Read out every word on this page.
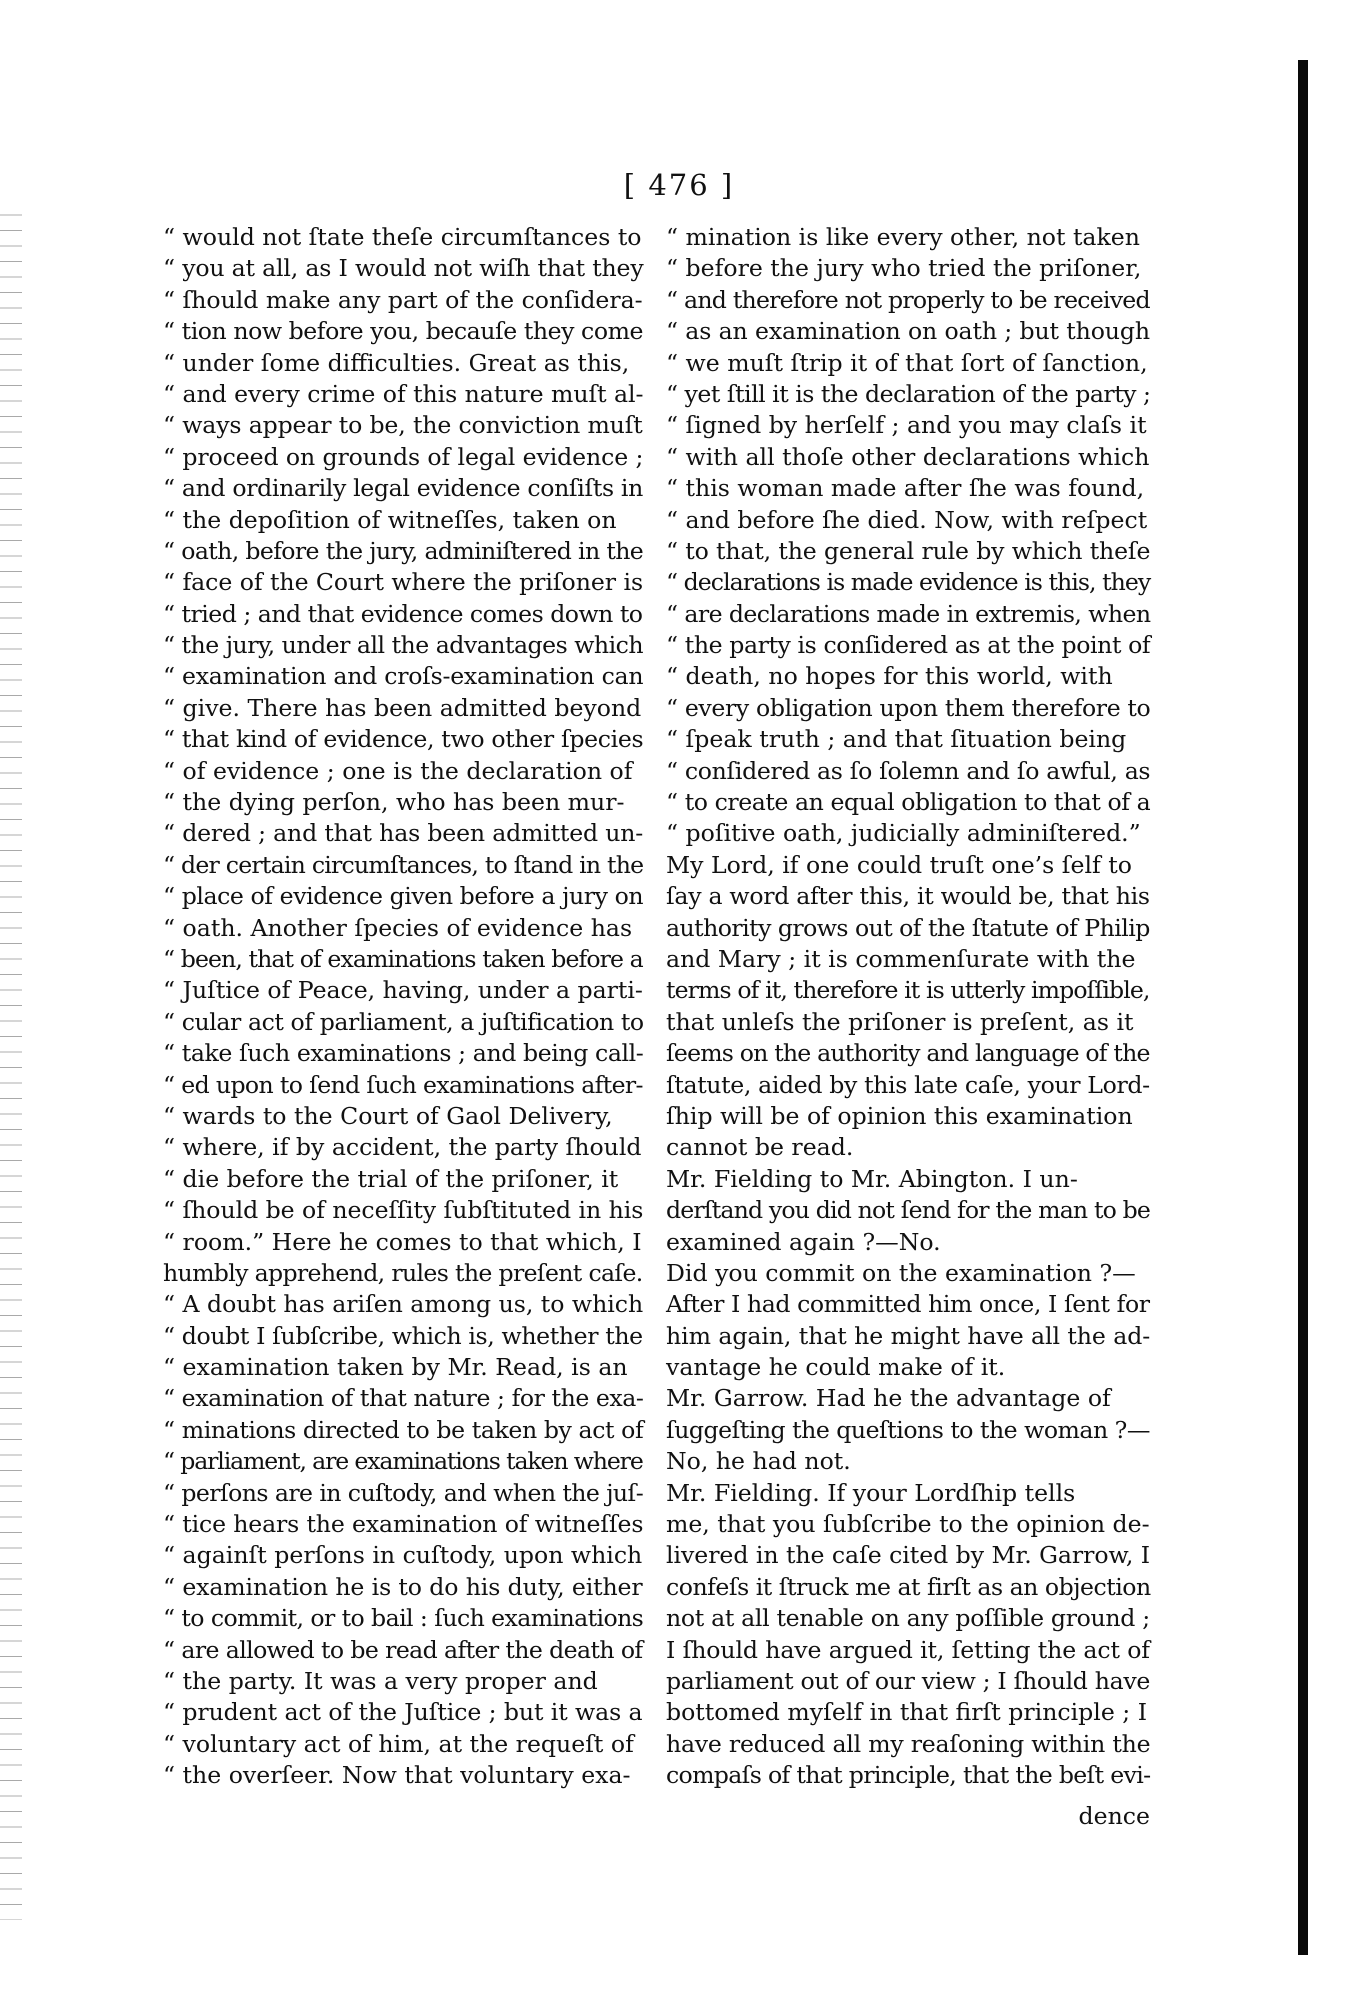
[ 476 ]
“ would not ſtate theſe circumſtances to
“ you at all, as I would not wiſh that they
“ ſhould make any part of the conſidera-
“ tion now before you, becauſe they come
“ under ſome difficulties. Great as this,
“ and every crime of this nature muſt al-
“ ways appear to be, the conviction muſt
“ proceed on grounds of legal evidence ;
“ and ordinarily legal evidence conſiſts in
“ the depoſition of witneſſes, taken on
“ oath, before the jury, adminiſtered in the
“ face of the Court where the priſoner is
“ tried ; and that evidence comes down to
“ the jury, under all the advantages which
“ examination and croſs-examination can
“ give. There has been admitted beyond
“ that kind of evidence, two other ſpecies
“ of evidence ; one is the declaration of
“ the dying perſon, who has been mur-
“ dered ; and that has been admitted un-
“ der certain circumſtances, to ſtand in the
“ place of evidence given before a jury on
“ oath. Another ſpecies of evidence has
“ been, that of examinations taken before a
“ Juſtice of Peace, having, under a parti-
“ cular act of parliament, a juſtification to
“ take ſuch examinations ; and being call-
“ ed upon to ſend ſuch examinations after-
“ wards to the Court of Gaol Delivery,
“ where, if by accident, the party ſhould
“ die before the trial of the priſoner, it
“ ſhould be of neceſſity ſubſtituted in his
“ room.” Here he comes to that which, I
humbly apprehend, rules the preſent caſe.
“ A doubt has ariſen among us, to which
“ doubt I ſubſcribe, which is, whether the
“ examination taken by Mr. Read, is an
“ examination of that nature ; for the exa-
“ minations directed to be taken by act of
“ parliament, are examinations taken where
“ perſons are in cuſtody, and when the juſ-
“ tice hears the examination of witneſſes
“ againſt perſons in cuſtody, upon which
“ examination he is to do his duty, either
“ to commit, or to bail : ſuch examinations
“ are allowed to be read after the death of
“ the party. It was a very proper and
“ prudent act of the Juſtice ; but it was a
“ voluntary act of him, at the requeſt of
“ the overſeer. Now that voluntary exa-
“ mination is like every other, not taken
“ before the jury who tried the priſoner,
“ and therefore not properly to be received
“ as an examination on oath ; but though
“ we muſt ſtrip it of that ſort of ſanction,
“ yet ſtill it is the declaration of the party ;
“ ſigned by herſelf ; and you may claſs it
“ with all thoſe other declarations which
“ this woman made after ſhe was found,
“ and before ſhe died. Now, with reſpect
“ to that, the general rule by which theſe
“ declarations is made evidence is this, they
“ are declarations made in extremis, when
“ the party is conſidered as at the point of
“ death, no hopes for this world, with
“ every obligation upon them therefore to
“ ſpeak truth ; and that ſituation being
“ conſidered as ſo ſolemn and ſo awful, as
“ to create an equal obligation to that of a
“ poſitive oath, judicially adminiſtered.”
My Lord, if one could truſt one’s ſelf to
ſay a word after this, it would be, that his
authority grows out of the ſtatute of Philip
and Mary ; it is commenſurate with the
terms of it, therefore it is utterly impoſſible,
that unleſs the priſoner is preſent, as it
ſeems on the authority and language of the
ſtatute, aided by this late caſe, your Lord-
ſhip will be of opinion this examination
cannot be read.
Mr. Fielding to Mr. Abington. I un-
derſtand you did not ſend for the man to be
examined again ?—No.
Did you commit on the examination ?—
After I had committed him once, I ſent for
him again, that he might have all the ad-
vantage he could make of it.
Mr. Garrow. Had he the advantage of
ſuggeſting the queſtions to the woman ?—
No, he had not.
Mr. Fielding. If your Lordſhip tells
me, that you ſubſcribe to the opinion de-
livered in the caſe cited by Mr. Garrow, I
confeſs it ſtruck me at firſt as an objection
not at all tenable on any poſſible ground ;
I ſhould have argued it, ſetting the act of
parliament out of our view ; I ſhould have
bottomed myſelf in that firſt principle ; I
have reduced all my reaſoning within the
compaſs of that principle, that the beſt evi-
dence
